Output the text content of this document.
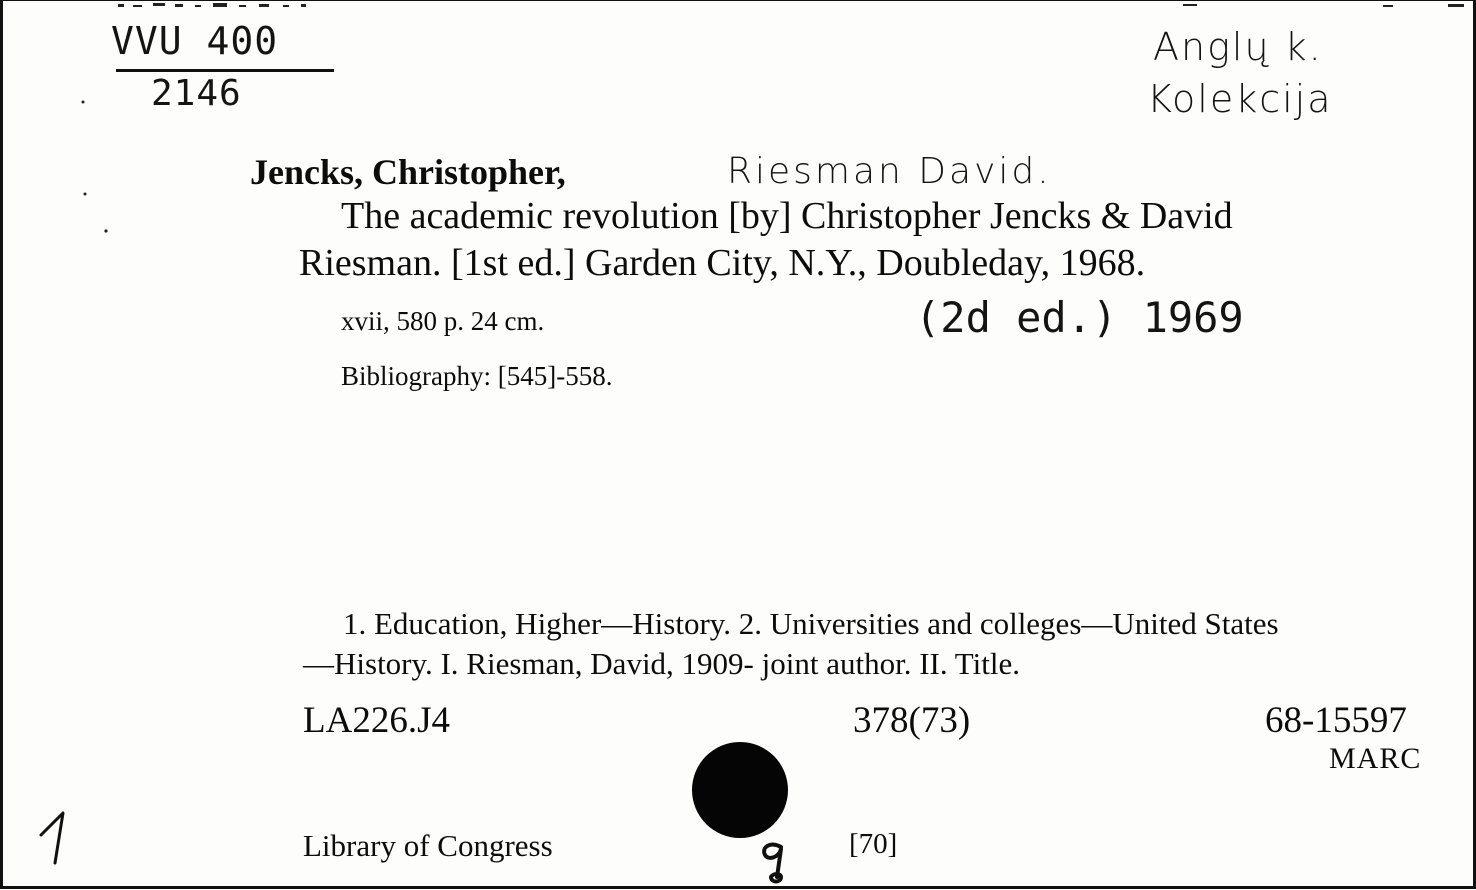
VVU 400
2146
Anglų k.
Kolekcija
Jencks, Christopher,	Riesman David.
The academic revolution [by] Christopher Jencks & David
Riesman. [1st ed.] Garden City, N.Y., Doubleday, 1968.
xvii, 580 p. 24 cm.	(2d ed.) 1969
Bibliography: [545]-558.
1. Education, Higher—History. 2. Universities and colleges—United States
—History. I. Riesman, David, 1909- joint author. II. Title.
LA226.J4	378(73)	68-15597
MARC
Library of Congress	[70]
